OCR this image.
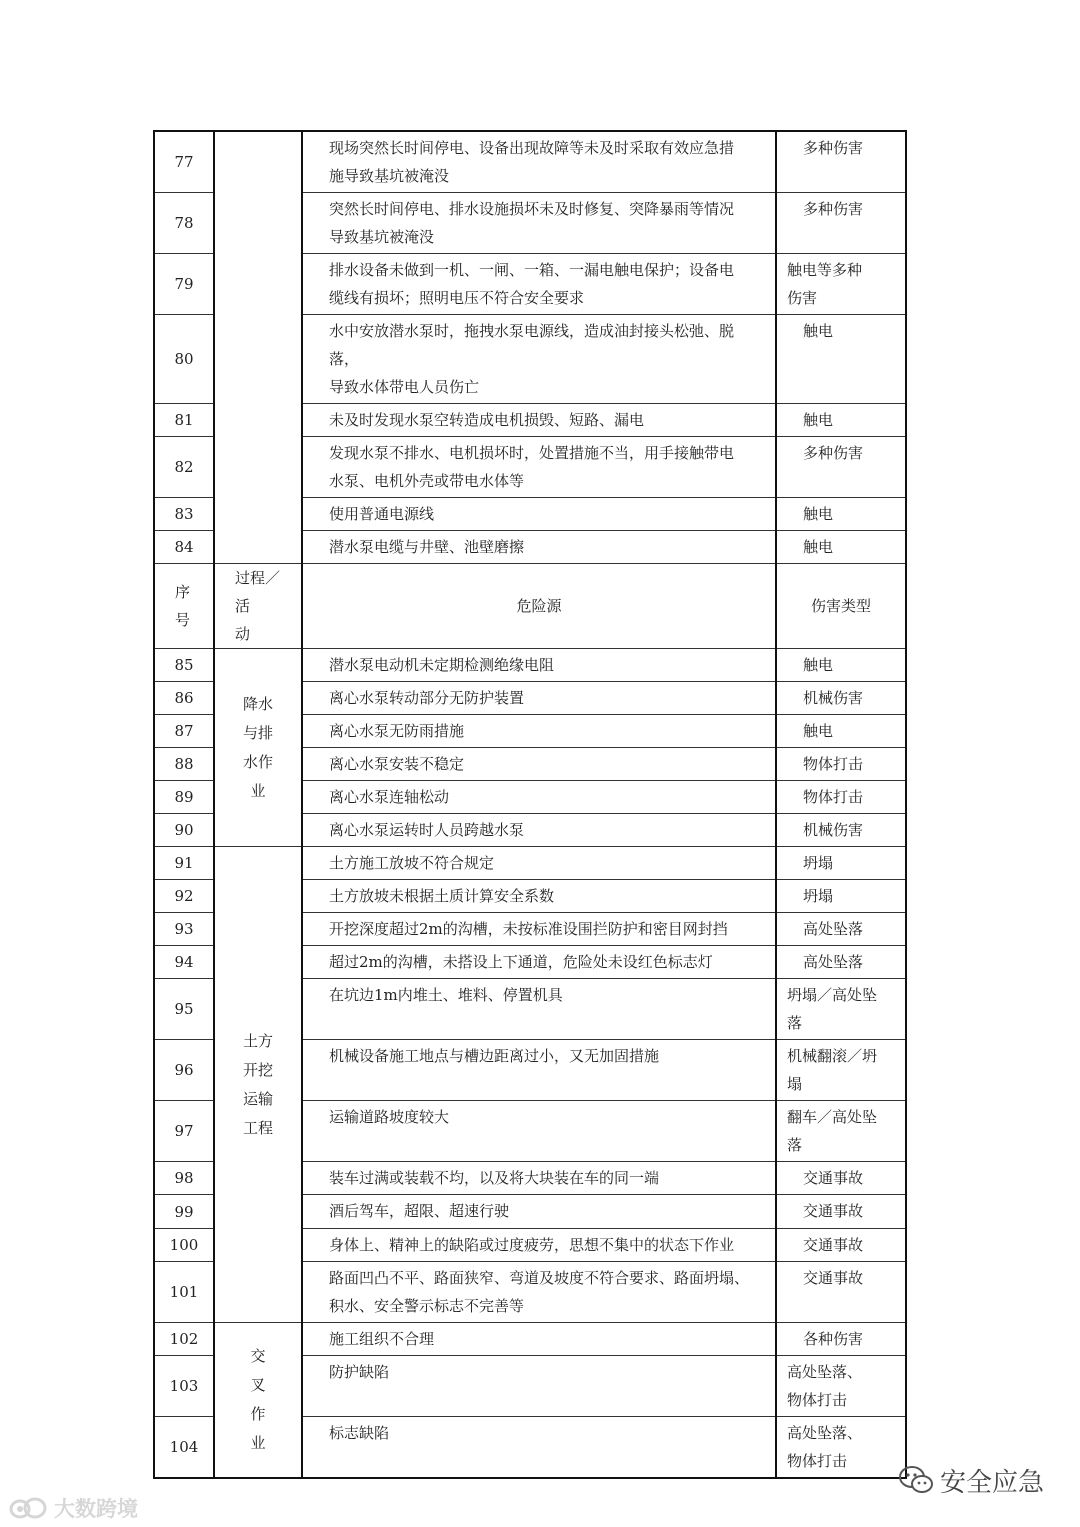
77		现场突然长时间停电、设备出现故障等未及时采取有效应急措
施导致基坑被淹没	多种伤害

78		突然长时间停电、排水设施损坏未及时修复、突降暴雨等情况
导致基坑被淹没	多种伤害

79		排水设备未做到一机、一闸、一箱、一漏电触电保护；设备电
缆线有损坏；照明电压不符合安全要求	触电等多种
伤害

80		水中安放潜水泵时，拖拽水泵电源线，造成油封接头松弛、脱
落，
导致水体带电人员伤亡	触电

81		未及时发现水泵空转造成电机损毁、短路、漏电	触电

82		发现水泵不排水、电机损坏时，处置措施不当，用手接触带电
水泵、电机外壳或带电水体等	多种伤害

83		使用普通电源线	触电

84		潜水泵电缆与井壁、池壁磨擦	触电

序
号	过程／活
动	危险源	伤害类型
85	降水
与排
水作
业	潜水泵电动机未定期检测绝缘电阻	触电
86		离心水泵转动部分无防护装置	机械伤害
87		离心水泵无防雨措施	触电
88		离心水泵安装不稳定	物体打击
89		离心水泵连轴松动	物体打击
90		离心水泵运转时人员跨越水泵	机械伤害
91	土方
开挖
运输
工程	土方施工放坡不符合规定	坍塌

92		土方放坡未根据土质计算安全系数	坍塌

93		开挖深度超过2m的沟槽，未按标准设围拦防护和密目网封挡	高处坠落

94		超过2m的沟槽，未搭设上下通道，危险处未设红色标志灯	高处坠落

95		在坑边1m内堆土、堆料、停置机具	坍塌／高处坠
落

96		机械设备施工地点与槽边距离过小，又无加固措施	机械翻滚／坍
塌

97		运输道路坡度较大	翻车／高处坠
落

98		装车过满或装载不均，以及将大块装在车的同一端	交通事故

99		酒后驾车，超限、超速行驶	交通事故

100		身体上、精神上的缺陷或过度疲劳，思想不集中的状态下作业	交通事故

101		路面凹凸不平、路面狭窄、弯道及坡度不符合要求、路面坍塌、
积水、安全警示标志不完善等	交通事故

102	交
叉
作
业	施工组织不合理	各种伤害

103		防护缺陷	高处坠落、
物体打击

104		标志缺陷	高处坠落、
物体打击
大数跨境
安全应急
